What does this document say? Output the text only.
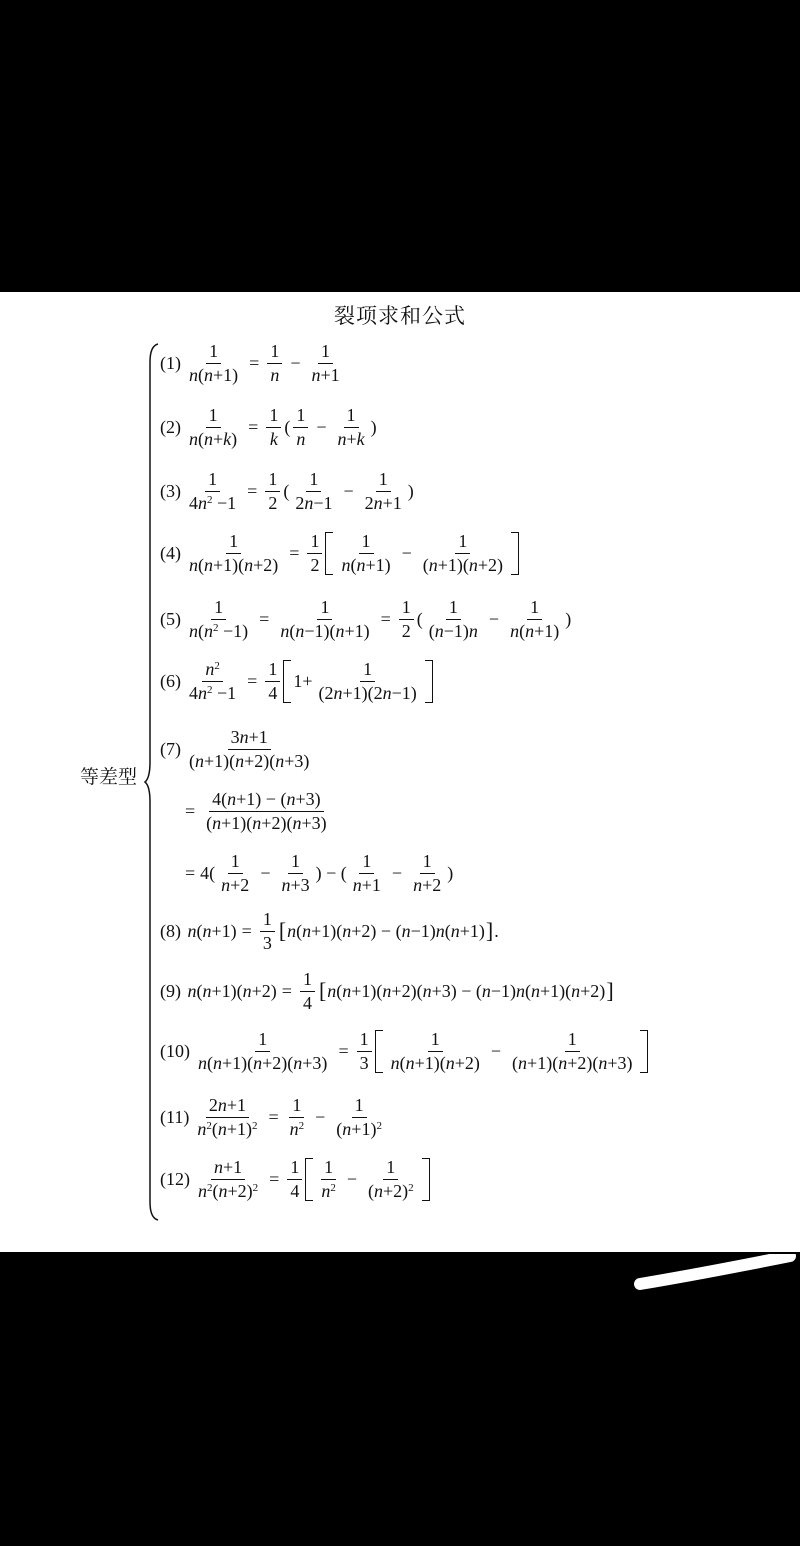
裂项求和公式
等差型
$(1) \frac{1}{n(n+1)} = \frac{1}{n} - \frac{1}{n+1}$
$(2) \frac{1}{n(n+k)} = \frac{1}{k}$ ( $\frac{1}{n} - \frac{1}{n+k}$ )
$(3) \frac{1}{4n^2 -1} = \frac{1}{2}$ ( $\frac{1}{2n-1} - \frac{1}{2n+1}$ )
$(4) \frac{1}{n(n+1)(n+2)} = \frac{1}{2} \frac{1}{n(n+1)} - \frac{1}{(n+1)(n+2)}$
$(5) \frac{1}{n(n^2 -1)} = \frac{1}{n(n-1)(n+1)} = \frac{1}{2}$ ( $\frac{1}{(n-1)n} - \frac{1}{n(n+1)}$ )
$(6) \frac{n^2}{4n^2 -1} = \frac{1}{4} 1+ \frac{1}{(2n+1)(2n-1)}$
$(7) \frac{3n+1}{(n+1)(n+2)(n+3)}$
= $\frac{4(n+1) - (n+3)}{(n+1)(n+2)(n+3)}$
= $4( \frac{1}{n+2} - \frac{1}{n+3}$ ) − ( $\frac{1}{n+1} - \frac{1}{n+2}$ )
(8) $n(n+1) = \frac{1}{3}$ [ n(n+1)(n+2) − (n−1)n(n+1) ] .
(9) $n(n+1)(n+2) = \frac{1}{4}$ [ n(n+1)(n+2)(n+3) − (n−1)n(n+1)(n+2) ]
$(10) \frac{1}{n(n+1)(n+2)(n+3)} = \frac{1}{3} \frac{1}{n(n+1)(n+2)} - \frac{1}{(n+1)(n+2)(n+3)}$
$(11) \frac{2n+1}{n^2(n+1)^2} = \frac{1}{n^2} - \frac{1}{(n+1)^2}$
$(12) \frac{n+1}{n^2(n+2)^2} = \frac{1}{4} \frac{1}{n^2} - \frac{1}{(n+2)^2}$
